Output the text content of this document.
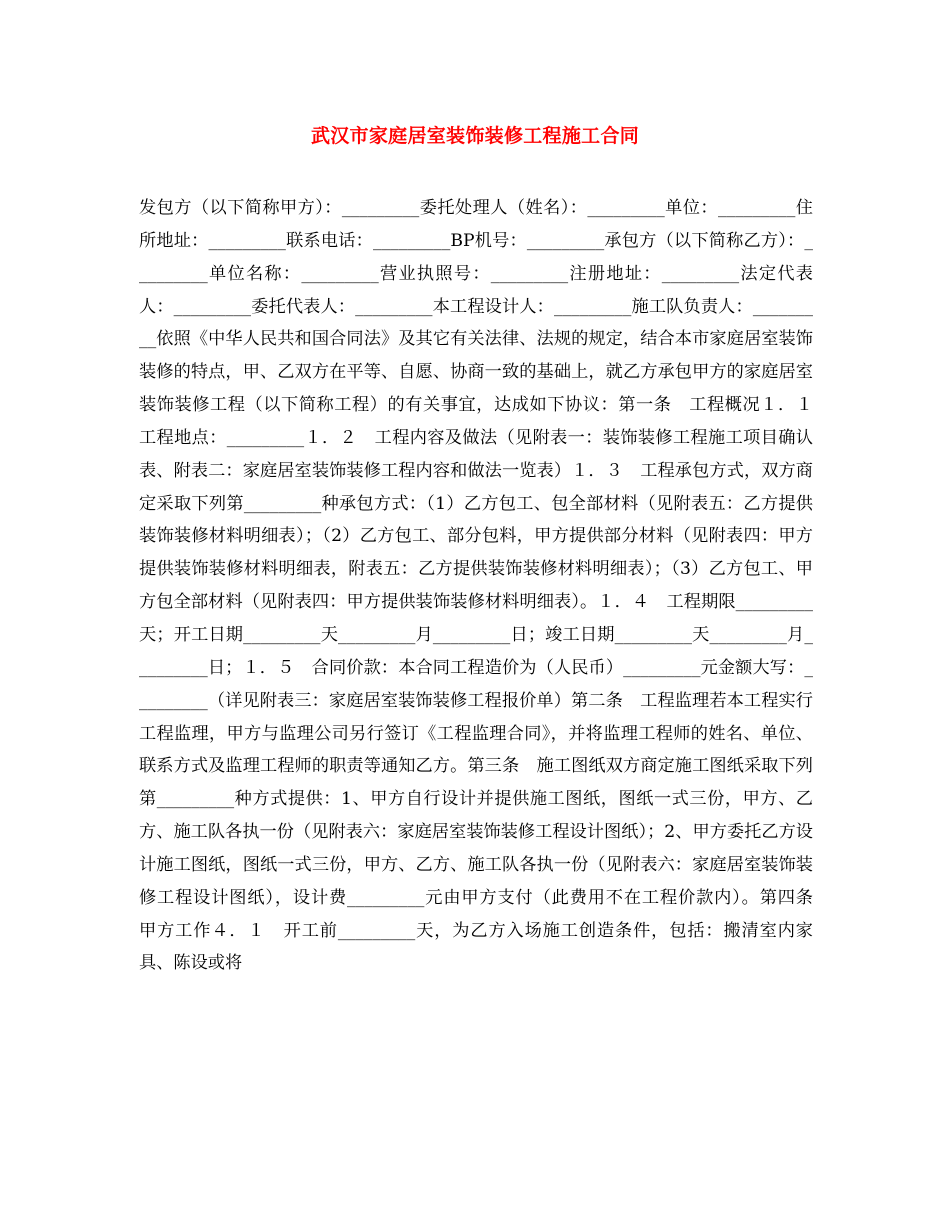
武汉市家庭居室装饰装修工程施工合同

发包方（以下简称甲方）：_________委托处理人（姓名）：_________单位：_________住所地址：_________联系电话：_________BP机号：_________承包方（以下简称乙方）：_________单位名称：_________营业执照号：_________注册地址：_________法定代表人：_________委托代表人：_________本工程设计人：_________施工队负责人：_________依照《中华人民共和国合同法》及其它有关法律、法规的规定，结合本市家庭居室装饰装修的特点，甲、乙双方在平等、自愿、协商一致的基础上，就乙方承包甲方的家庭居室装饰装修工程（以下简称工程）的有关事宜，达成如下协议：第一条　工程概况１．１　工程地点：_________１．２　工程内容及做法（见附表一：装饰装修工程施工项目确认表、附表二：家庭居室装饰装修工程内容和做法一览表）１．３　工程承包方式，双方商定采取下列第_________种承包方式：（1）乙方包工、包全部材料（见附表五：乙方提供装饰装修材料明细表）；（2）乙方包工、部分包料，甲方提供部分材料（见附表四：甲方提供装饰装修材料明细表，附表五：乙方提供装饰装修材料明细表）；（3）乙方包工、甲方包全部材料（见附表四：甲方提供装饰装修材料明细表）。１．４　工程期限_________天；开工日期_________天_________月_________日；竣工日期_________天_________月_________日；１．５　合同价款：本合同工程造价为（人民币）_________元金额大写：_________（详见附表三：家庭居室装饰装修工程报价单）第二条　工程监理若本工程实行工程监理，甲方与监理公司另行签订《工程监理合同》，并将监理工程师的姓名、单位、联系方式及监理工程师的职责等通知乙方。第三条　施工图纸双方商定施工图纸采取下列第_________种方式提供：1、甲方自行设计并提供施工图纸，图纸一式三份，甲方、乙方、施工队各执一份（见附表六：家庭居室装饰装修工程设计图纸）；2、甲方委托乙方设计施工图纸，图纸一式三份，甲方、乙方、施工队各执一份（见附表六：家庭居室装饰装修工程设计图纸），设计费_________元由甲方支付（此费用不在工程价款内）。第四条　甲方工作４．１　开工前_________天，为乙方入场施工创造条件，包括：搬清室内家具、陈设或将
